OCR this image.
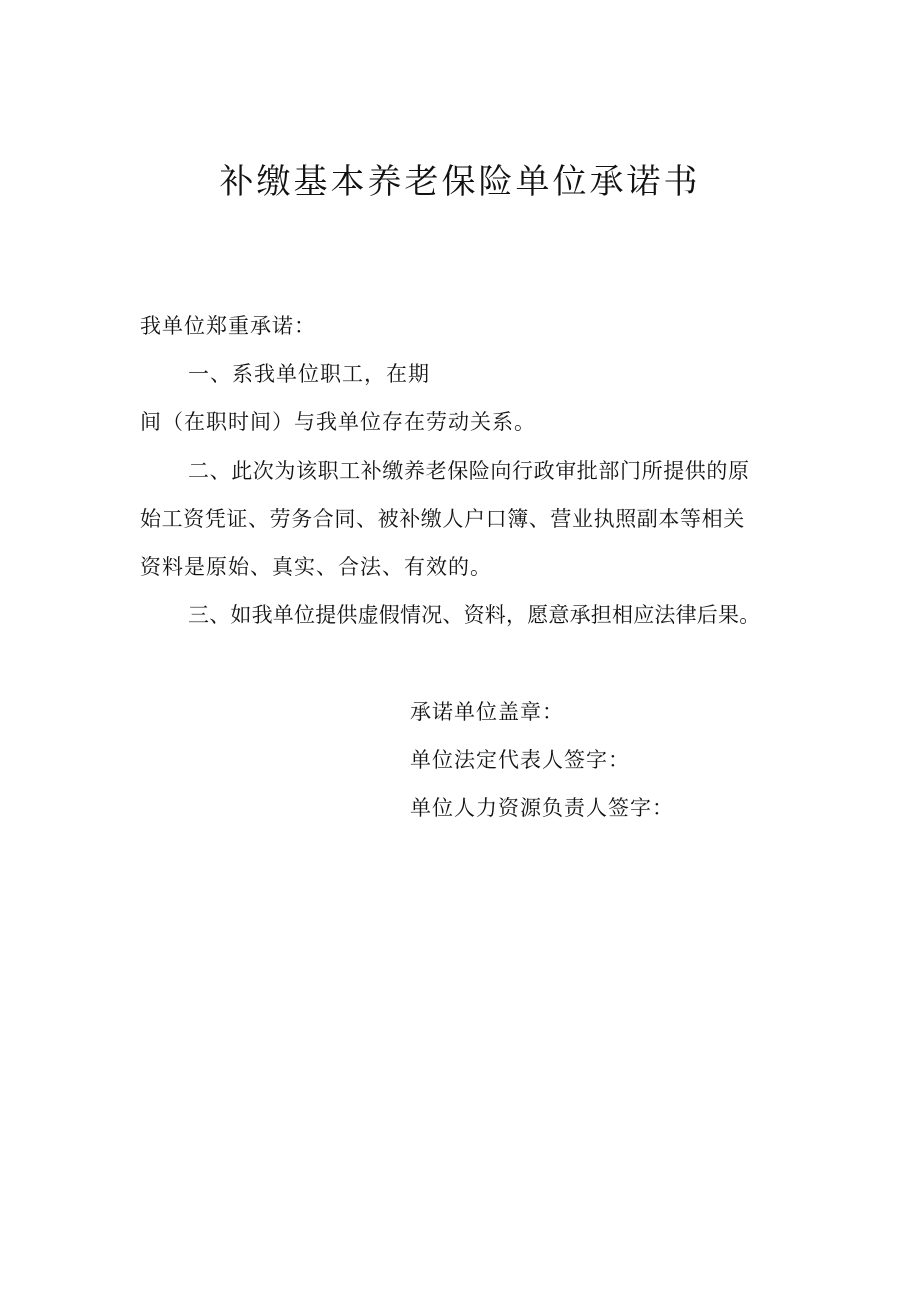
补缴基本养老保险单位承诺书
我单位郑重承诺：
一、系我单位职工，在期
间（在职时间）与我单位存在劳动关系。
二、此次为该职工补缴养老保险向行政审批部门所提供的原
始工资凭证、劳务合同、被补缴人户口簿、营业执照副本等相关
资料是原始、真实、合法、有效的。
三、如我单位提供虚假情况、资料，愿意承担相应法律后果。
承诺单位盖章：
单位法定代表人签字：
单位人力资源负责人签字：
